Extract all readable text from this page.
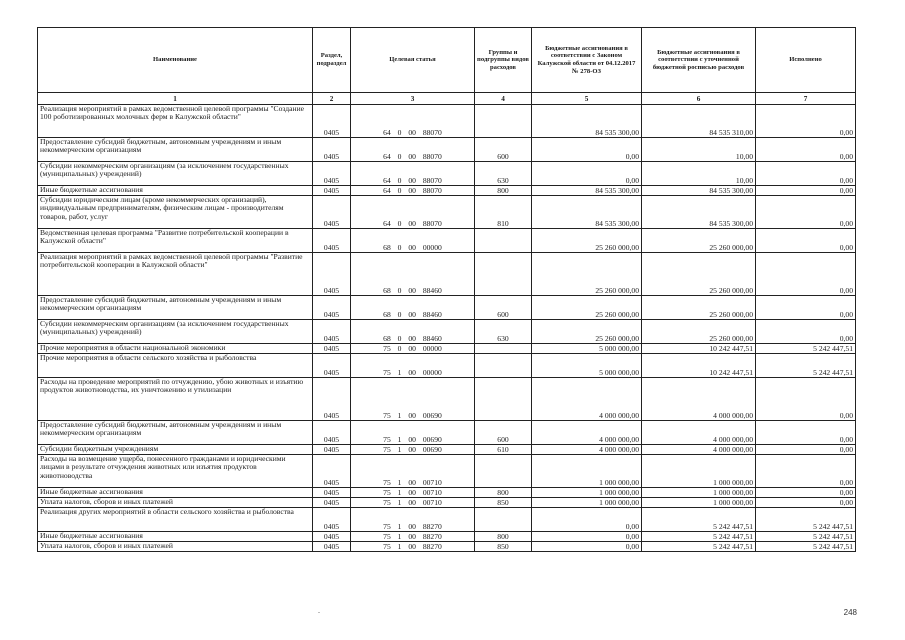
Наименование	Раздел, подраздел	Целевая статья	Группы и подгруппы видов расходов	Бюджетные ассигнования в соответствии с Законом Калужской области от 04.12.2017 № 278-ОЗ	Бюджетные ассигнования в соответствии с уточненной бюджетной росписью расходов	Исполнено
1	2	3	4	5	6	7
Реализация мероприятий в рамках ведомственной целевой программы "Создание 100 роботизированных молочных ферм в Калужской области"	0405	64 0 00 88070		84 535 300,00	84 535 310,00	0,00
Предоставление субсидий бюджетным, автономным учреждениям и иным некоммерческим организациям	0405	64 0 00 88070	600	0,00	10,00	0,00
Субсидии некоммерческим организациям (за исключением государственных (муниципальных) учреждений)	0405	64 0 00 88070	630	0,00	10,00	0,00
Иные бюджетные ассигнования	0405	64 0 00 88070	800	84 535 300,00	84 535 300,00	0,00
Субсидии юридическим лицам (кроме некоммерческих организаций), индивидуальным предпринимателям, физическим лицам - производителям товаров, работ, услуг	0405	64 0 00 88070	810	84 535 300,00	84 535 300,00	0,00
Ведомственная целевая программа "Развитие потребительской кооперации в Калужской области"	0405	68 0 00 00000		25 260 000,00	25 260 000,00	0,00
Реализация мероприятий в рамках ведомственной целевой программы "Развитие потребительской кооперации в Калужской области"	0405	68 0 00 88460		25 260 000,00	25 260 000,00	0,00
Предоставление субсидий бюджетным, автономным учреждениям и иным некоммерческим организациям	0405	68 0 00 88460	600	25 260 000,00	25 260 000,00	0,00
Субсидии некоммерческим организациям (за исключением государственных (муниципальных) учреждений)	0405	68 0 00 88460	630	25 260 000,00	25 260 000,00	0,00
Прочие мероприятия в области национальной экономики	0405	75 0 00 00000		5 000 000,00	10 242 447,51	5 242 447,51
Прочие мероприятия в области сельского хозяйства и рыболовства	0405	75 1 00 00000		5 000 000,00	10 242 447,51	5 242 447,51
Расходы на проведение мероприятий по отчуждению, убою животных и изъятию продуктов животноводства, их уничтожению и утилизации	0405	75 1 00 00690		4 000 000,00	4 000 000,00	0,00
Предоставление субсидий бюджетным, автономным учреждениям и иным некоммерческим организациям	0405	75 1 00 00690	600	4 000 000,00	4 000 000,00	0,00
Субсидии бюджетным учреждениям	0405	75 1 00 00690	610	4 000 000,00	4 000 000,00	0,00
Расходы на возмещение ущерба, понесенного гражданами и юридическими лицами в результате отчуждения животных или изъятия продуктов животноводства	0405	75 1 00 00710		1 000 000,00	1 000 000,00	0,00
Иные бюджетные ассигнования	0405	75 1 00 00710	800	1 000 000,00	1 000 000,00	0,00
Уплата налогов, сборов и иных платежей	0405	75 1 00 00710	850	1 000 000,00	1 000 000,00	0,00
Реализация других мероприятий в области сельского хозяйства и рыболовства	0405	75 1 00 88270		0,00	5 242 447,51	5 242 447,51
Иные бюджетные ассигнования	0405	75 1 00 88270	800	0,00	5 242 447,51	5 242 447,51
Уплата налогов, сборов и иных платежей	0405	75 1 00 88270	850	0,00	5 242 447,51	5 242 447,51
.	248
